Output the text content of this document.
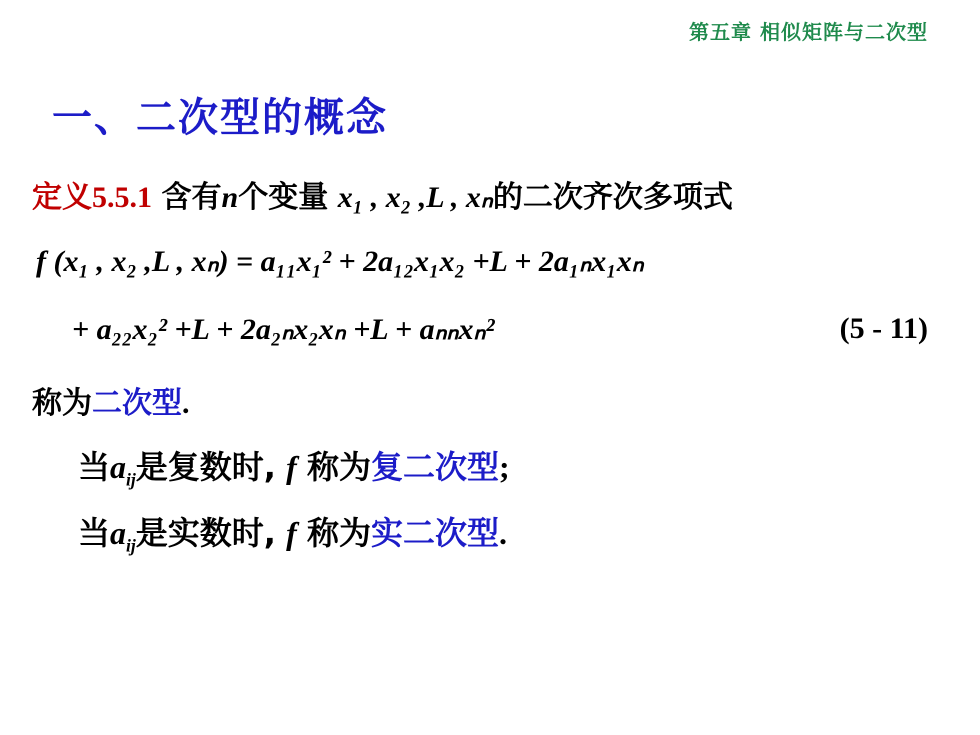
第五章 相似矩阵与二次型
一、二次型的概念
定义5.5.1 含有n个变量 x₁ , x₂ ,L , xₙ的二次齐次多项式
f (x₁ , x₂ ,L , xₙ) = a₁₁x₁² + 2a₁₂x₁x₂ +L + 2a₁ₙx₁xₙ
+ a₂₂x₂² +L + 2a₂ₙx₂xₙ +L + aₙₙxₙ²	(5 - 11)
称为二次型.
当$a_{ij}$是复数时, f 称为复二次型;
当$a_{ij}$是实数时, f 称为实二次型.
